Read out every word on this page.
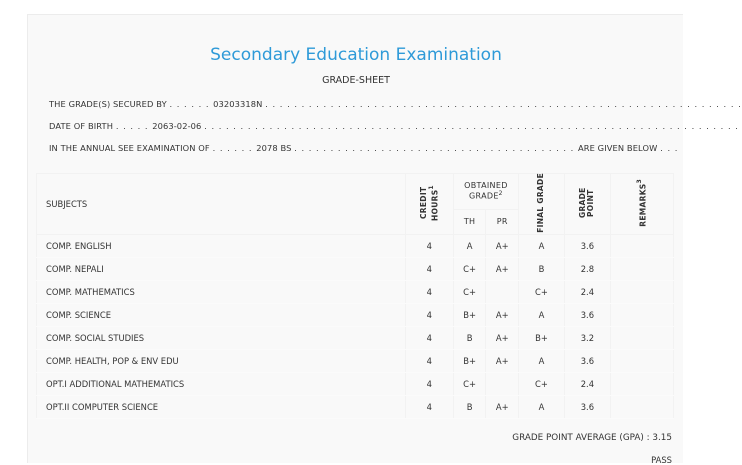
Secondary Education Examination
GRADE-SHEET
THE GRADE(S) SECURED BY . . . . . . 03203318N . . . . . . . . . . . . . . . . . . . . . . . . . . . . . . . . . . . . . . . . . . . . . . . . . . . . . . . . . . . . . . . . . .
DATE OF BIRTH . . . . . 2063-02-06 . . . . . . . . . . . . . . . . . . . . . . . . . . . . . . . . . . . . . . . . . . . . . . . . . . . . . . . . . . . . . . . . . . . . . . . . . .
IN THE ANNUAL SEE EXAMINATION OF . . . . . . 2078 BS . . . . . . . . . . . . . . . . . . . . . . . . . . . . . . . . . . . . . . . ARE GIVEN BELOW . . .
SUBJECTS	CREDIT HOURS$^1$	OBTAINED GRADE$^2$		FINAL GRADE	GRADE POINT	REMARKS$^3$
		TH	PR			
COMP. ENGLISH	4	A	A+	A	3.6	
COMP. NEPALI	4	C+	A+	B	2.8	
COMP. MATHEMATICS	4	C+		C+	2.4	
COMP. SCIENCE	4	B+	A+	A	3.6	
COMP. SOCIAL STUDIES	4	B	A+	B+	3.2	
COMP. HEALTH, POP & ENV EDU	4	B+	A+	A	3.6	
OPT.I ADDITIONAL MATHEMATICS	4	C+		C+	2.4	
OPT.II COMPUTER SCIENCE	4	B	A+	A	3.6	
GRADE POINT AVERAGE (GPA) : 3.15
PASS
